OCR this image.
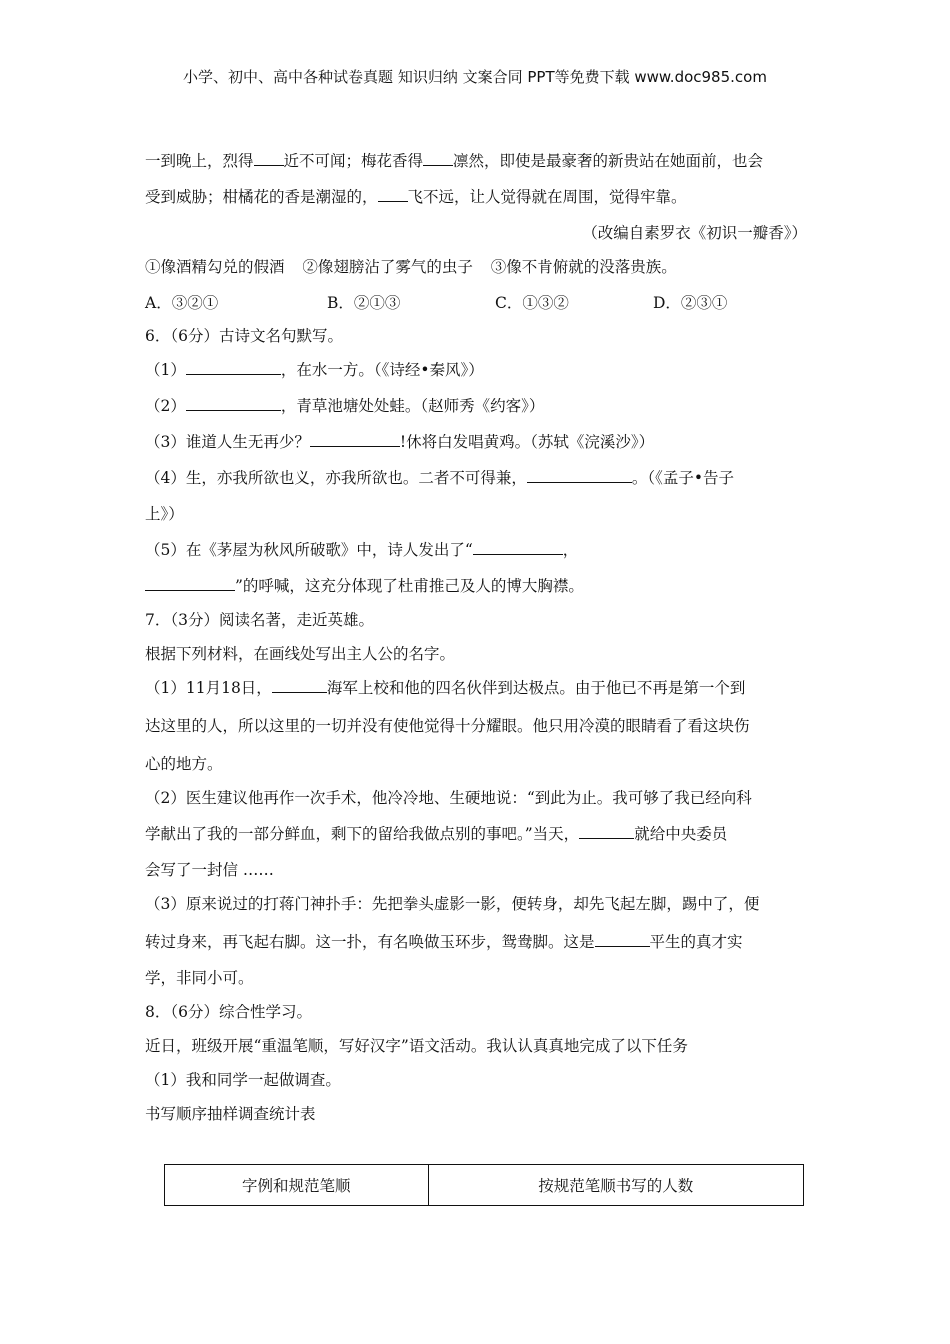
小学、初中、高中各种试卷真题 知识归纳 文案合同 PPT等免费下载 www.doc985.com
一到晚上，烈得 近不可闻；梅花香得 凛然，即使是最豪奢的新贵站在她面前，也会
受到威胁；柑橘花的香是潮湿的， 飞不远，让人觉得就在周围，觉得牢靠。
（改编自素罗衣《初识一瓣香》）
①像酒精勾兑的假酒 ②像翅膀沾了雾气的虫子 ③像不肯俯就的没落贵族。
A．③②①	B．②①③	C．①③②	D．②③①
6．（6分）古诗文名句默写。
（1）	，在水一方。（《诗经•秦风》）
（2）	，青草池塘处处蛙。（赵师秀《约客》）
（3）谁道人生无再少？	!休将白发唱黄鸡。（苏轼《浣溪沙》）
（4）生，亦我所欲也义，亦我所欲也。二者不可得兼，	。（《孟子•告子
上》）
（5）在《茅屋为秋风所破歌》中，诗人发出了“	，
”的呼喊，这充分体现了杜甫推己及人的博大胸襟。
7．（3分）阅读名著，走近英雄。
根据下列材料，在画线处写出主人公的名字。
（1）11月18日，	海军上校和他的四名伙伴到达极点。由于他已不再是第一个到
达这里的人，所以这里的一切并没有使他觉得十分耀眼。他只用冷漠的眼睛看了看这块伤
心的地方。
（2）医生建议他再作一次手术，他冷冷地、生硬地说：“到此为止。我可够了我已经向科
学献出了我的一部分鲜血，剩下的留给我做点别的事吧。”当天，	就给中央委员
会写了一封信 ……
（3）原来说过的打蒋门神扑手：先把拳头虚影一影，便转身，却先飞起左脚，踢中了，便
转过身来，再飞起右脚。这一扑，有名唤做玉环步，鸳鸯脚。这是	平生的真才实
学，非同小可。
8．（6分）综合性学习。
近日，班级开展“重温笔顺，写好汉字”语文活动。我认认真真地完成了以下任务
（1）我和同学一起做调查。
书写顺序抽样调查统计表
字例和规范笔顺	按规范笔顺书写的人数
